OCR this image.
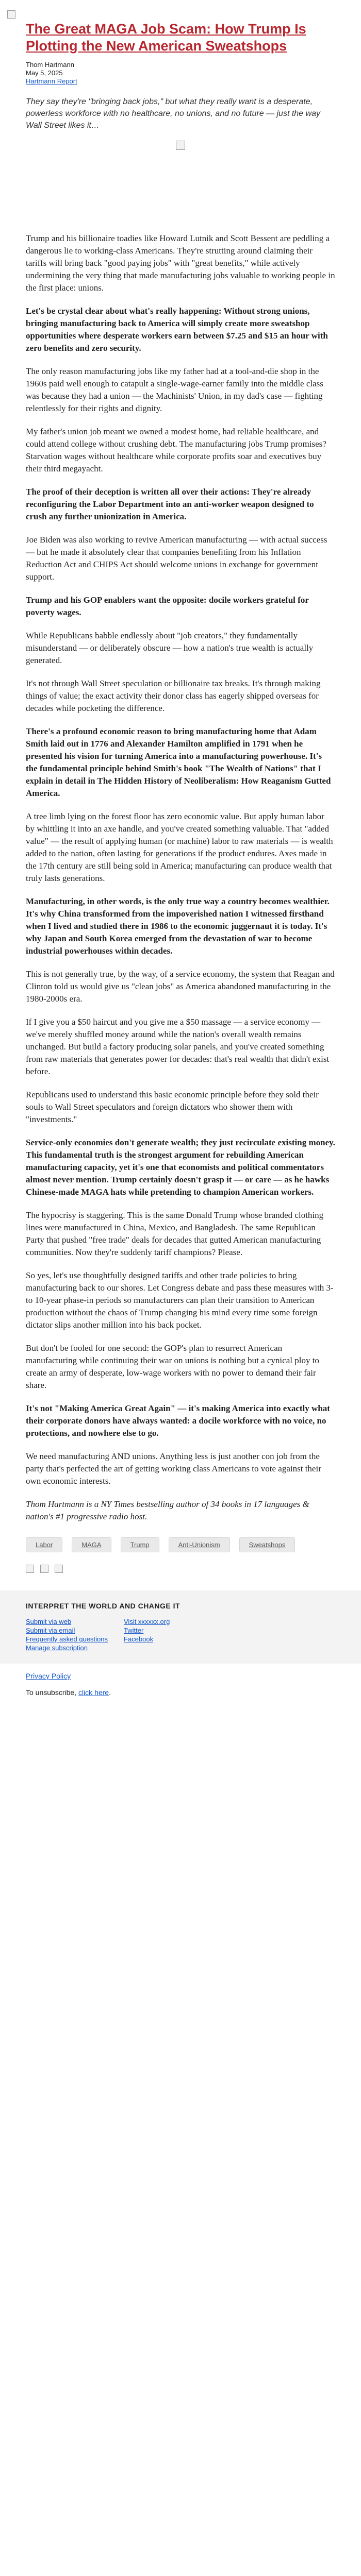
The Great MAGA Job Scam: How Trump Is Plotting the New American Sweatshops
Thom Hartmann
May 5, 2025
Hartmann Report

They say they're "bringing back jobs," but what they really want is a desperate, powerless workforce with no healthcare, no unions, and no future — just the way Wall Street likes it…

Trump and his billionaire toadies like Howard Lutnik and Scott Bessent are peddling a dangerous lie to working-class Americans. They're strutting around claiming their tariffs will bring back "good paying jobs" with "great benefits," while actively undermining the very thing that made manufacturing jobs valuable to working people in the first place: unions.

Let's be crystal clear about what's really happening: Without strong unions, bringing manufacturing back to America will simply create more sweatshop opportunities where desperate workers earn between $7.25 and $15 an hour with zero benefits and zero security.

The only reason manufacturing jobs like my father had at a tool-and-die shop in the 1960s paid well enough to catapult a single-wage-earner family into the middle class was because they had a union — the Machinists' Union, in my dad's case — fighting relentlessly for their rights and dignity.

My father's union job meant we owned a modest home, had reliable healthcare, and could attend college without crushing debt. The manufacturing jobs Trump promises? Starvation wages without healthcare while corporate profits soar and executives buy their third megayacht.

The proof of their deception is written all over their actions: They're already reconfiguring the Labor Department into an anti-worker weapon designed to crush any further unionization in America.

Joe Biden was also working to revive American manufacturing — with actual success — but he made it absolutely clear that companies benefiting from his Inflation Reduction Act and CHIPS Act should welcome unions in exchange for government support.

Trump and his GOP enablers want the opposite: docile workers grateful for poverty wages.

While Republicans babble endlessly about "job creators," they fundamentally misunderstand — or deliberately obscure — how a nation's true wealth is actually generated.

It's not through Wall Street speculation or billionaire tax breaks. It's through making things of value; the exact activity their donor class has eagerly shipped overseas for decades while pocketing the difference.

There's a profound economic reason to bring manufacturing home that Adam Smith laid out in 1776 and Alexander Hamilton amplified in 1791 when he presented his vision for turning America into a manufacturing powerhouse. It's the fundamental principle behind Smith's book "The Wealth of Nations" that I explain in detail in The Hidden History of Neoliberalism: How Reaganism Gutted America.

A tree limb lying on the forest floor has zero economic value. But apply human labor by whittling it into an axe handle, and you've created something valuable. That "added value" — the result of applying human (or machine) labor to raw materials — is wealth added to the nation, often lasting for generations if the product endures. Axes made in the 17th century are still being sold in America; manufacturing can produce wealth that truly lasts generations.

Manufacturing, in other words, is the only true way a country becomes wealthier. It's why China transformed from the impoverished nation I witnessed firsthand when I lived and studied there in 1986 to the economic juggernaut it is today. It's why Japan and South Korea emerged from the devastation of war to become industrial powerhouses within decades.

This is not generally true, by the way, of a service economy, the system that Reagan and Clinton told us would give us "clean jobs" as America abandoned manufacturing in the 1980-2000s era.

If I give you a $50 haircut and you give me a $50 massage — a service economy — we've merely shuffled money around while the nation's overall wealth remains unchanged. But build a factory producing solar panels, and you've created something from raw materials that generates power for decades: that's real wealth that didn't exist before.

Republicans used to understand this basic economic principle before they sold their souls to Wall Street speculators and foreign dictators who shower them with "investments."

Service-only economies don't generate wealth; they just recirculate existing money. This fundamental truth is the strongest argument for rebuilding American manufacturing capacity, yet it's one that economists and political commentators almost never mention. Trump certainly doesn't grasp it — or care — as he hawks Chinese-made MAGA hats while pretending to champion American workers.

The hypocrisy is staggering. This is the same Donald Trump whose branded clothing lines were manufactured in China, Mexico, and Bangladesh. The same Republican Party that pushed "free trade" deals for decades that gutted American manufacturing communities. Now they're suddenly tariff champions? Please.

So yes, let's use thoughtfully designed tariffs and other trade policies to bring manufacturing back to our shores. Let Congress debate and pass these measures with 3- to 10-year phase-in periods so manufacturers can plan their transition to American production without the chaos of Trump changing his mind every time some foreign dictator slips another million into his back pocket.

But don't be fooled for one second: the GOP's plan to resurrect American manufacturing while continuing their war on unions is nothing but a cynical ploy to create an army of desperate, low-wage workers with no power to demand their fair share.

It's not "Making America Great Again" — it's making America into exactly what their corporate donors have always wanted: a docile workforce with no voice, no protections, and nowhere else to go.

We need manufacturing AND unions. Anything less is just another con job from the party that's perfected the art of getting working class Americans to vote against their own economic interests.

Thom Hartmann is a NY Times bestselling author of 34 books in 17 languages & nation's #1 progressive radio host.

Labor	MAGA	Trump	Anti-Unionism	Sweatshops
INTERPRET THE WORLD AND CHANGE IT
Submit via web
Submit via email
Frequently asked questions
Manage subscription
Visit xxxxxx.org
Twitter
Facebook
Privacy Policy
To unsubscribe, click here.
